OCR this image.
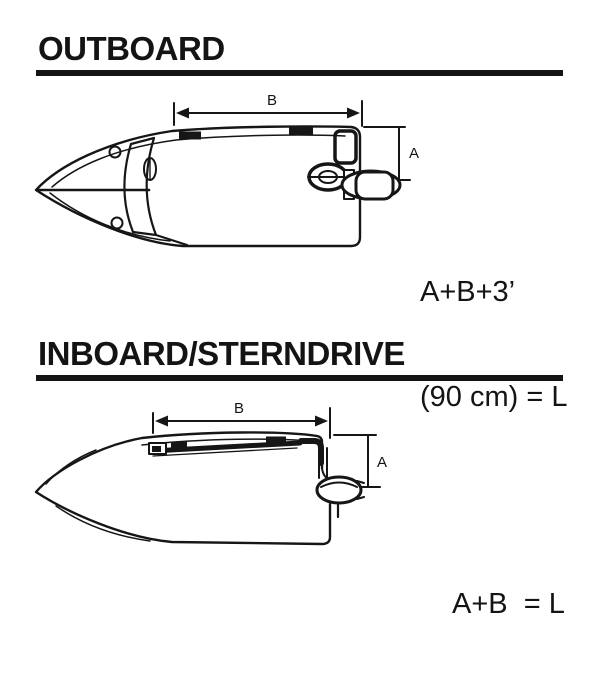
OUTBOARD
B
A

A+B+3’

(90 cm) = L

INBOARD/STERNDRIVE
B
A

A+B  = L
